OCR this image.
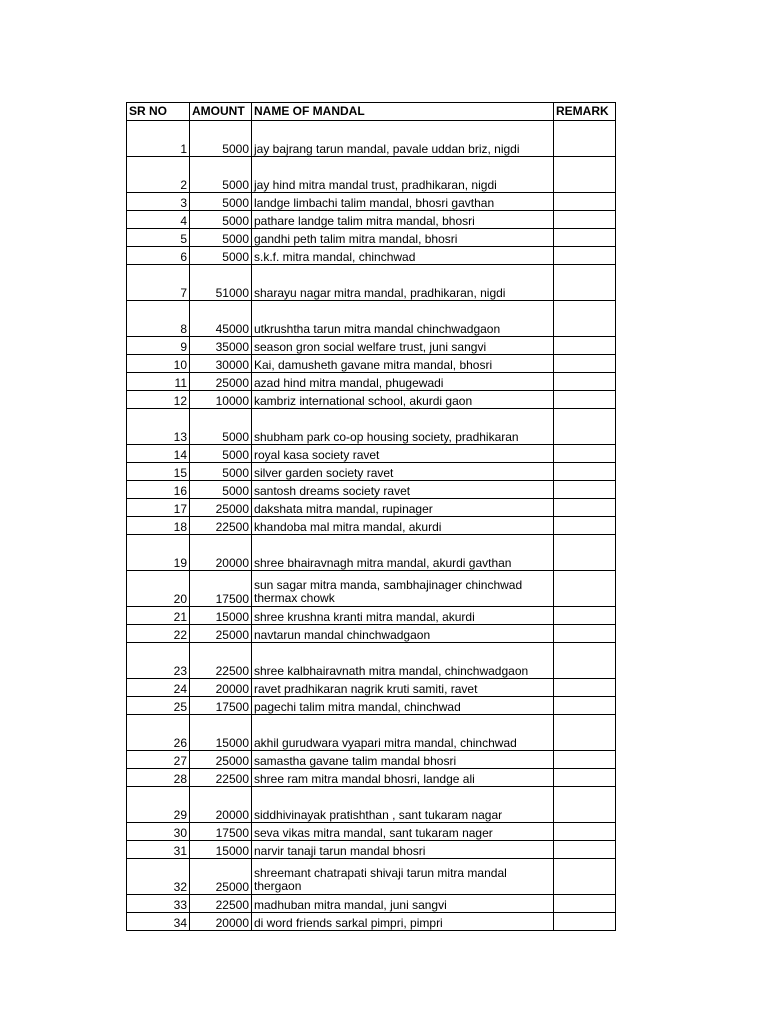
SR NO	AMOUNT	NAME OF MANDAL	REMARK
1	5000	jay bajrang tarun mandal, pavale uddan briz, nigdi	
2	5000	jay hind mitra mandal trust, pradhikaran, nigdi	
3	5000	landge limbachi talim mandal, bhosri gavthan	
4	5000	pathare landge talim mitra mandal, bhosri	
5	5000	gandhi peth talim mitra mandal, bhosri	
6	5000	s.k.f. mitra mandal, chinchwad	
7	51000	sharayu nagar mitra mandal, pradhikaran, nigdi	
8	45000	utkrushtha tarun mitra mandal chinchwadgaon	
9	35000	season gron social welfare trust, juni sangvi	
10	30000	Kai, damusheth gavane mitra mandal, bhosri	
11	25000	azad hind mitra mandal, phugewadi	
12	10000	kambriz international school, akurdi gaon	
13	5000	shubham park co-op housing society, pradhikaran	
14	5000	royal kasa society ravet	
15	5000	silver garden society ravet	
16	5000	santosh dreams society ravet	
17	25000	dakshata mitra mandal, rupinager	
18	22500	khandoba mal mitra mandal, akurdi	
19	20000	shree bhairavnagh mitra mandal, akurdi gavthan	
20	17500	sun sagar mitra manda, sambhajinager chinchwad thermax chowk	
21	15000	shree krushna kranti mitra mandal, akurdi	
22	25000	navtarun mandal chinchwadgaon	
23	22500	shree kalbhairavnath mitra mandal, chinchwadgaon	
24	20000	ravet pradhikaran nagrik kruti samiti, ravet	
25	17500	pagechi talim mitra mandal, chinchwad	
26	15000	akhil gurudwara vyapari mitra mandal, chinchwad	
27	25000	samastha gavane talim mandal bhosri	
28	22500	shree ram mitra mandal bhosri, landge ali	
29	20000	siddhivinayak pratishthan , sant tukaram nagar	
30	17500	seva vikas mitra mandal, sant tukaram nager	
31	15000	narvir tanaji tarun mandal bhosri	
32	25000	shreemant chatrapati shivaji tarun mitra mandal thergaon	
33	22500	madhuban mitra mandal, juni sangvi	
34	20000	di word friends sarkal pimpri, pimpri	
